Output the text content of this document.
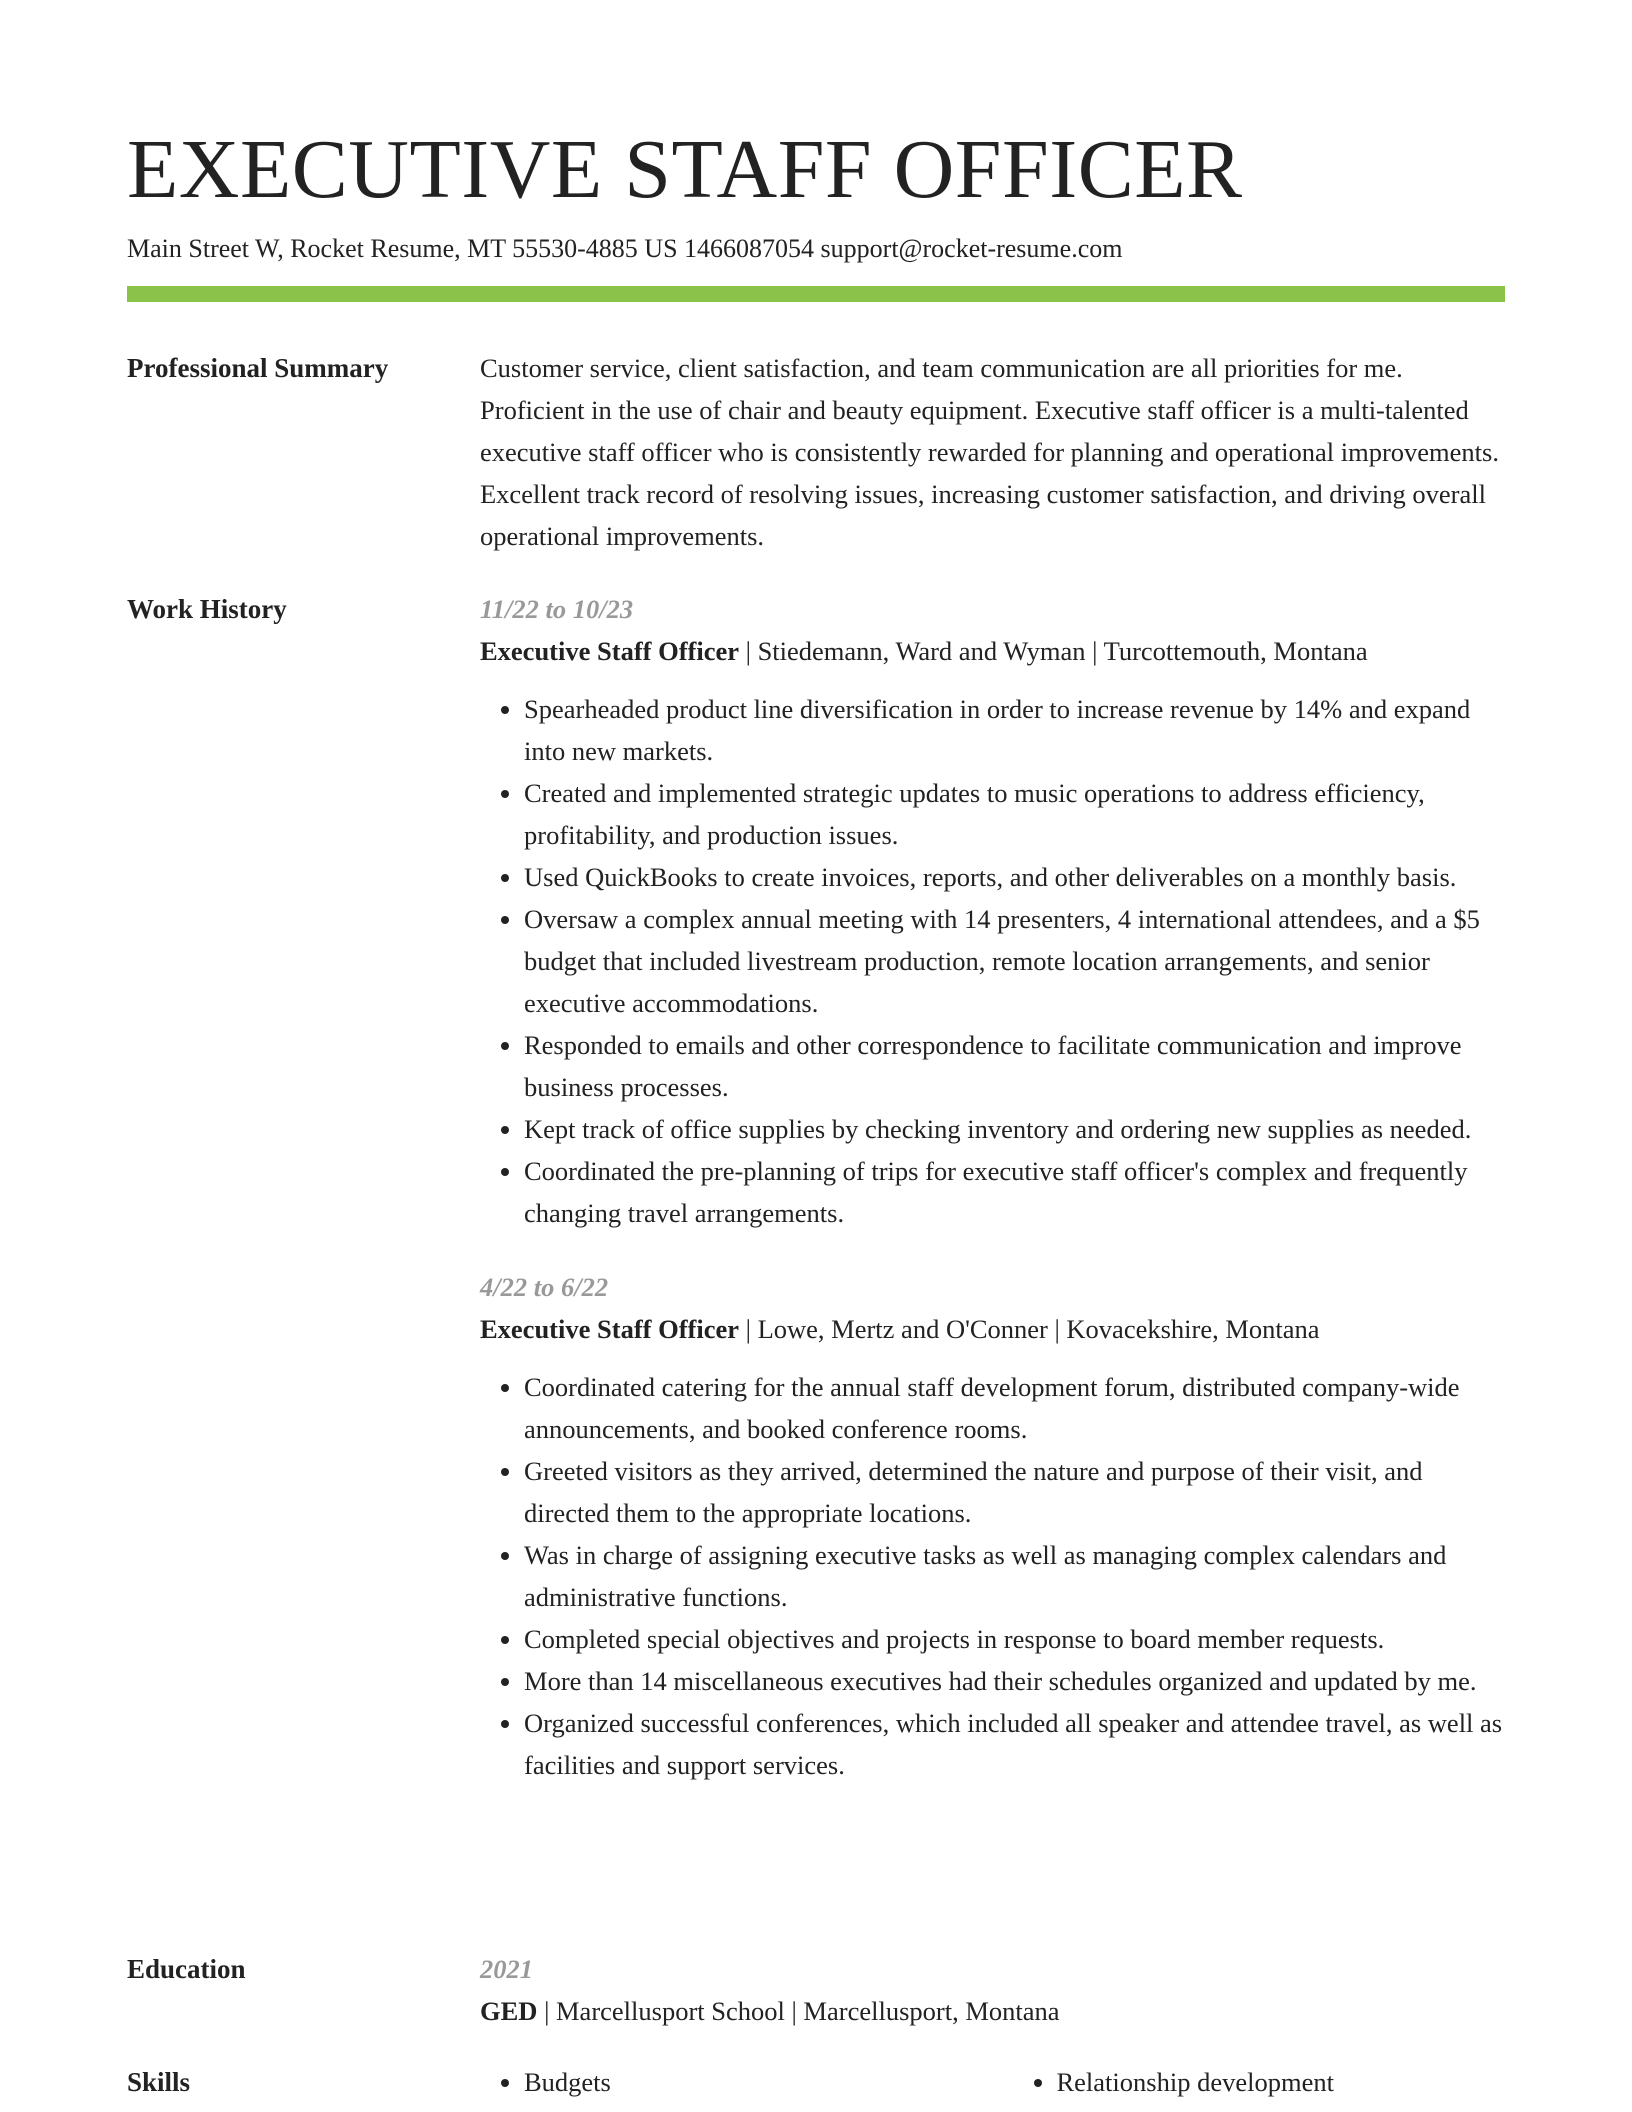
EXECUTIVE STAFF OFFICER
Main Street W, Rocket Resume, MT 55530-4885 US 1466087054 support@rocket-resume.com
Professional Summary	Customer service, client satisfaction, and team communication are all priorities for me. Proficient in the use of chair and beauty equipment. Executive staff officer is a multi-talented executive staff officer who is consistently rewarded for planning and operational improvements. Excellent track record of resolving issues, increasing customer satisfaction, and driving overall operational improvements.

Work History	11/22 to 10/23
Executive Staff Officer | Stiedemann, Ward and Wyman | Turcottemouth, Montana
• Spearheaded product line diversification in order to increase revenue by 14% and expand into new markets.
• Created and implemented strategic updates to music operations to address efficiency, profitability, and production issues.
• Used QuickBooks to create invoices, reports, and other deliverables on a monthly basis.
• Oversaw a complex annual meeting with 14 presenters, 4 international attendees, and a $5 budget that included livestream production, remote location arrangements, and senior executive accommodations.
• Responded to emails and other correspondence to facilitate communication and improve business processes.
• Kept track of office supplies by checking inventory and ordering new supplies as needed.
• Coordinated the pre-planning of trips for executive staff officer's complex and frequently changing travel arrangements.
4/22 to 6/22
Executive Staff Officer | Lowe, Mertz and O'Conner | Kovacekshire, Montana
• Coordinated catering for the annual staff development forum, distributed company-wide announcements, and booked conference rooms.
• Greeted visitors as they arrived, determined the nature and purpose of their visit, and directed them to the appropriate locations.
• Was in charge of assigning executive tasks as well as managing complex calendars and administrative functions.
• Completed special objectives and projects in response to board member requests.
• More than 14 miscellaneous executives had their schedules organized and updated by me.
• Organized successful conferences, which included all speaker and attendee travel, as well as facilities and support services.
Education	2021
GED | Marcellusport School | Marcellusport, Montana
Skills	• Budgets	• Relationship development
